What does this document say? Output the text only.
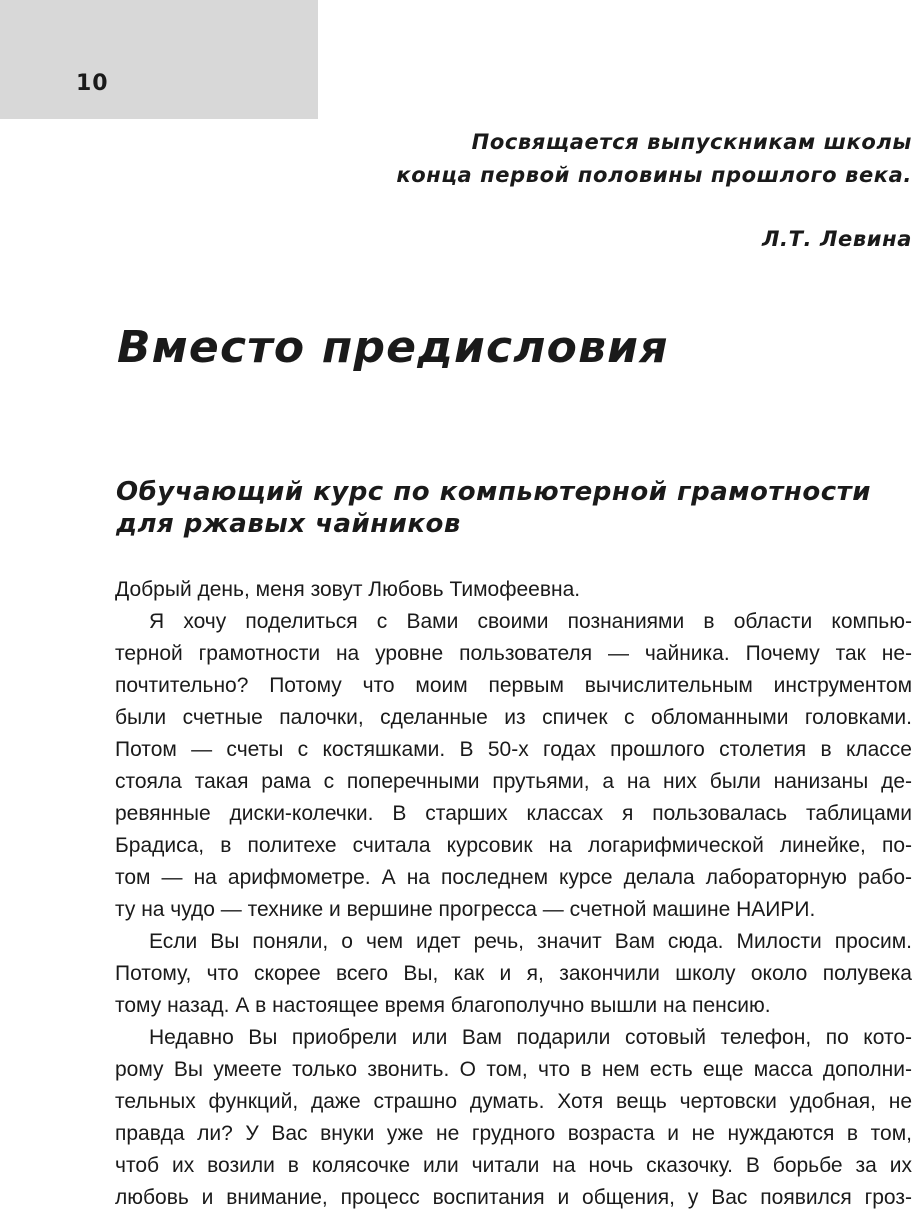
10
Посвящается выпускникам школы
конца первой половины прошлого века.
Л.Т. Левина
Вместо предисловия
Обучающий курс по компьютерной грамотности
для ржавых чайников
Добрый день, меня зовут Любовь Тимофеевна.
Я хочу поделиться с Вами своими познаниями в области компью-
терной грамотности на уровне пользователя — чайника. Почему так не-
почтительно? Потому что моим первым вычислительным инструментом
были счетные палочки, сделанные из спичек с обломанными головками.
Потом — счеты с костяшками. В 50-х годах прошлого столетия в классе
стояла такая рама с поперечными прутьями, а на них были нанизаны де-
ревянные диски-колечки. В старших классах я пользовалась таблицами
Брадиса, в политехе считала курсовик на логарифмической линейке, по-
том — на арифмометре. А на последнем курсе делала лабораторную рабо-
ту на чудо — технике и вершине прогресса — счетной машине НАИРИ.
Если Вы поняли, о чем идет речь, значит Вам сюда. Милости просим.
Потому, что скорее всего Вы, как и я, закончили школу около полувека
тому назад. А в настоящее время благополучно вышли на пенсию.
Недавно Вы приобрели или Вам подарили сотовый телефон, по кото-
рому Вы умеете только звонить. О том, что в нем есть еще масса дополни-
тельных функций, даже страшно думать. Хотя вещь чертовски удобная, не
правда ли? У Вас внуки уже не грудного возраста и не нуждаются в том,
чтоб их возили в колясочке или читали на ночь сказочку. В борьбе за их
любовь и внимание, процесс воспитания и общения, у Вас появился гроз-
